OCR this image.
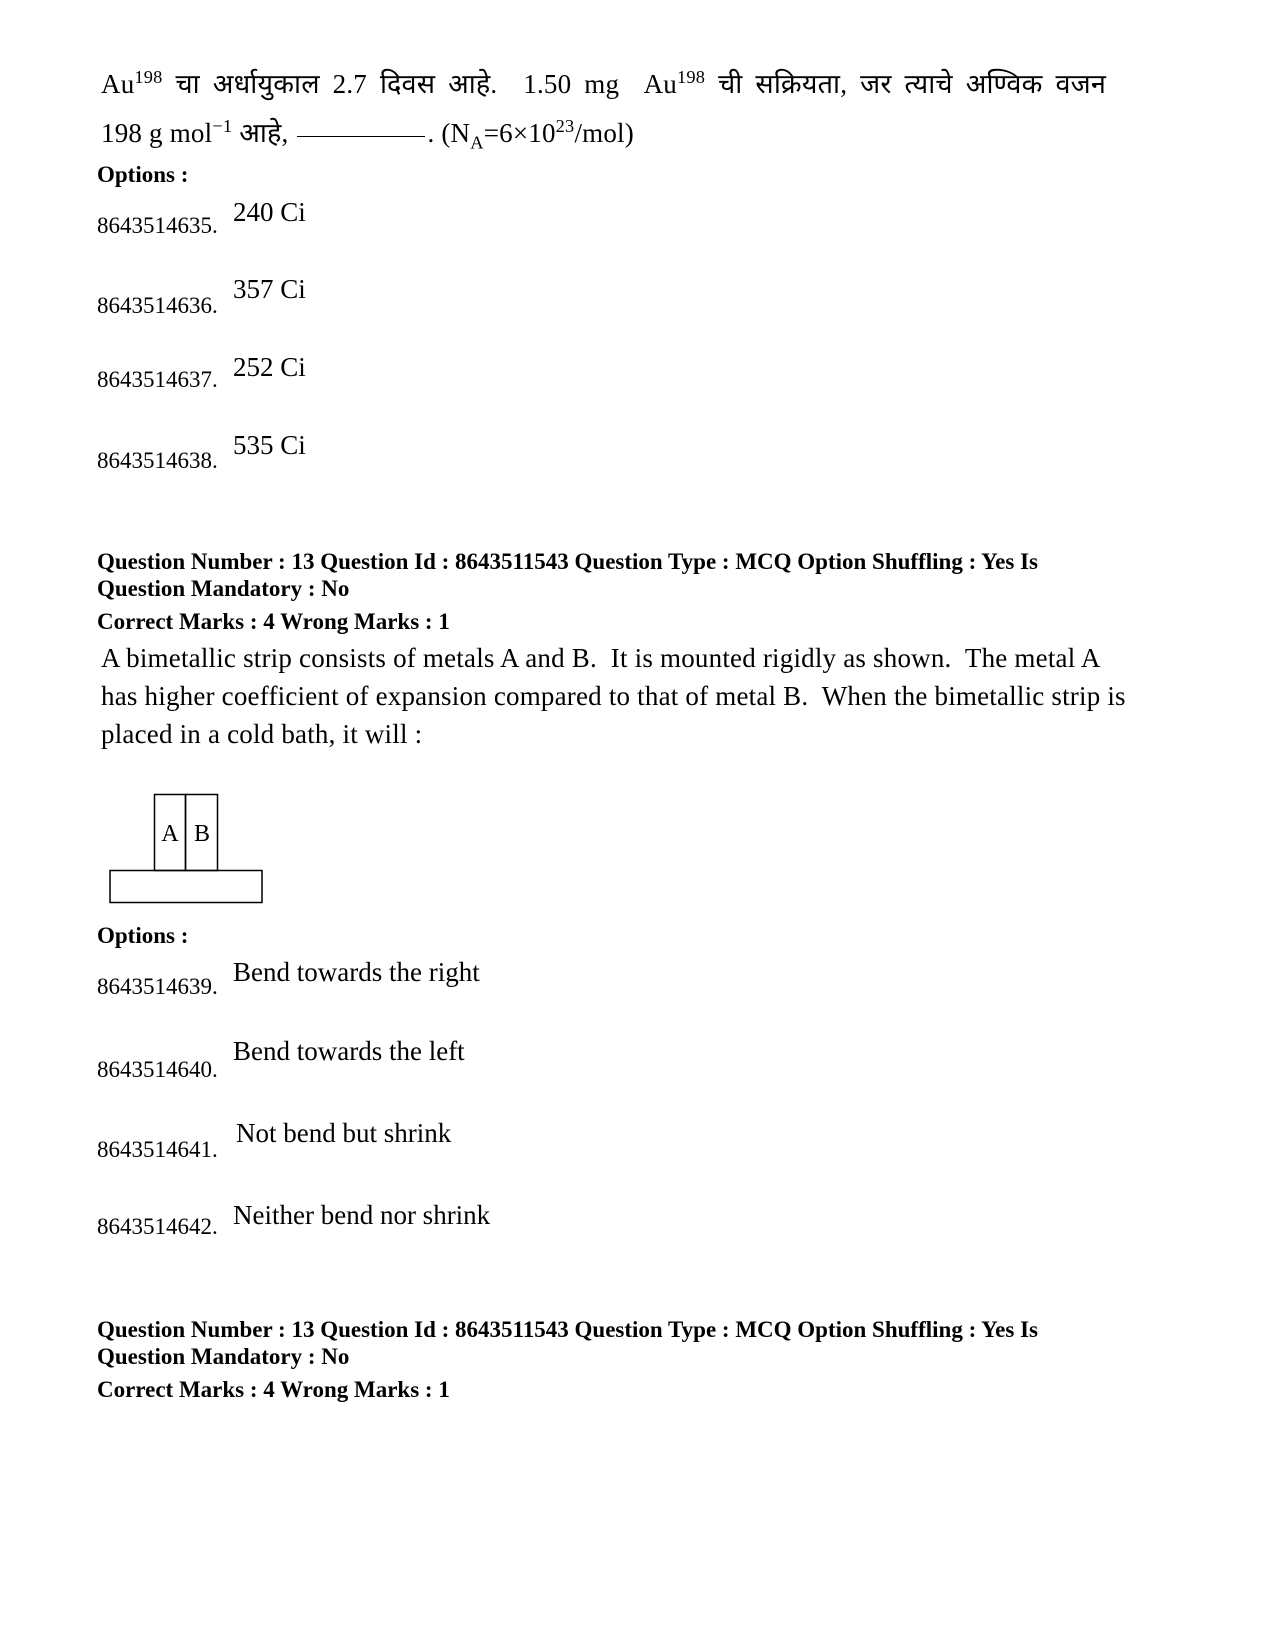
Au$^{198}$ चा अर्धायुकाल 2.7 दिवस आहे.  1.50 mg  Au$^{198}$ ची सक्रियता, जर त्याचे अण्विक वजन
198 g mol$^{-1}$ आहे,	. $(N_A=6\times 10^{23}/mol)$
Options :
8643514635. 240 Ci
8643514636.
357 Ci
8643514637. 252 Ci
8643514638.
535 Ci
Question Number : 13 Question Id : 8643511543 Question Type : MCQ Option Shuffling : Yes Is
Question Mandatory : No
Correct Marks : 4 Wrong Marks : 1
A bimetallic strip consists of metals A and B.  It is mounted rigidly as shown.  The metal A
has higher coefficient of expansion compared to that of metal B.  When the bimetallic strip is
placed in a cold bath, it will :
A B
Options :
8643514639. Bend towards the right
8643514640.
Bend towards the left
8643514641.
Not bend but shrink
8643514642. Neither bend nor shrink
Question Number : 13 Question Id : 8643511543 Question Type : MCQ Option Shuffling : Yes Is
Question Mandatory : No
Correct Marks : 4 Wrong Marks : 1
